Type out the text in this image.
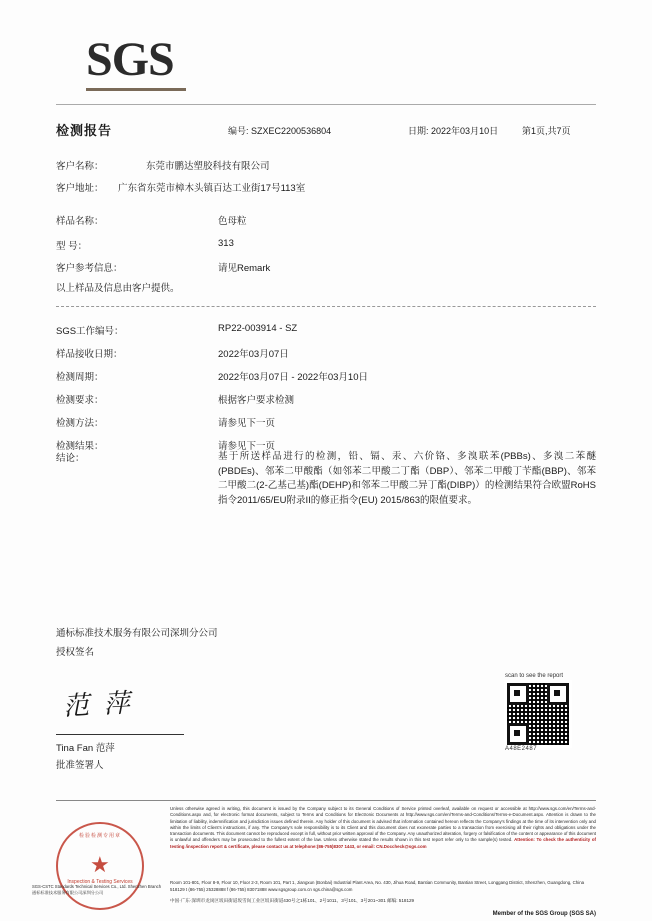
SGS
检测报告	编号: SZXEC2200536804	日期: 2022年03月10日	第1页,共7页
客户名称：	东莞市鹏达塑胶科技有限公司
客户地址： 广东省东莞市樟木头镇百达工业街17号113室
样品名称：	色母粒
型 号：	313
客户参考信息：	请见Remark
以上样品及信息由客户提供。
SGS工作编号：	RP22-003914 - SZ
样品接收日期：	2022年03月07日
检测周期：	2022年03月07日 - 2022年03月10日
检测要求：	根据客户要求检测
检测方法：	请参见下一页
检测结果：	请参见下一页
结论：	基于所送样品进行的检测，铅、镉、汞、六价铬、多溴联苯(PBBs)、多溴二苯醚(PBDEs)、邻苯二甲酸酯（如邻苯二甲酸二丁酯（DBP）、邻苯二甲酸丁苄酯(BBP)、邻苯二甲酸二(2-乙基己基)酯(DEHP)和邻苯二甲酸二异丁酯(DIBP)）的检测结果符合欧盟RoHS指令2011/65/EU附录II的修正指令(EU) 2015/863的限值要求。
通标标准技术服务有限公司深圳分公司
授权签名
范 萍
Tina Fan 范萍
批准签署人
scan to see the report
A48E2487
★
检验检测专用章
Inspection & Testing Services
SGS-CSTC Standards Technical Services Co., Ltd. Shenzhen Branch
通标标准技术服务有限公司深圳分公司
Unless otherwise agreed in writing, this document is issued by the Company subject to its General Conditions of Service printed overleaf, available on request or accessible at http://www.sgs.com/en/Terms-and-Conditions.aspx and, for electronic format documents, subject to Terms and Conditions for Electronic Documents at http://www.sgs.com/en/Terms-and-Conditions/Terms-e-Document.aspx. Attention is drawn to the limitation of liability, indemnification and jurisdiction issues defined therein. Any holder of this document is advised that information contained hereon reflects the Company's findings at the time of its intervention only and within the limits of Client's instructions, if any. The Company's sole responsibility is to its Client and this document does not exonerate parties to a transaction from exercising all their rights and obligations under the transaction documents. This document cannot be reproduced except in full, without prior written approval of the Company. Any unauthorized alteration, forgery or falsification of the content or appearance of this document is unlawful and offenders may be prosecuted to the fullest extent of the law. Unless otherwise stated the results shown in this test report refer only to the sample(s) tested. Attention: To check the authenticity of testing /inspection report & certificate, please contact us at telephone:(86-755)8307 1443, or email: CN.Doccheck@sgs.com
Room 101-801, Floor 8-9, Floor 10, Floor 2-3, Room 101, Part 1, Jiangxun (Bonbai) Industrial Plant Area, No. 430, Jihua Road, Bantian Community, Bantian Street, Longgang District, Shenzhen, Guangdong, China 518129 t (86-755) 25328888 f (86-755) 83071888 www.sgsgroup.com.cn sgs.china@sgs.com
中国·广东·深圳市龙岗区坂田街道坂雪岗工业区坂田街道430号之1栋101、2号1011、3号101、3号201~301 邮编: 518129
Member of the SGS Group (SGS SA)
